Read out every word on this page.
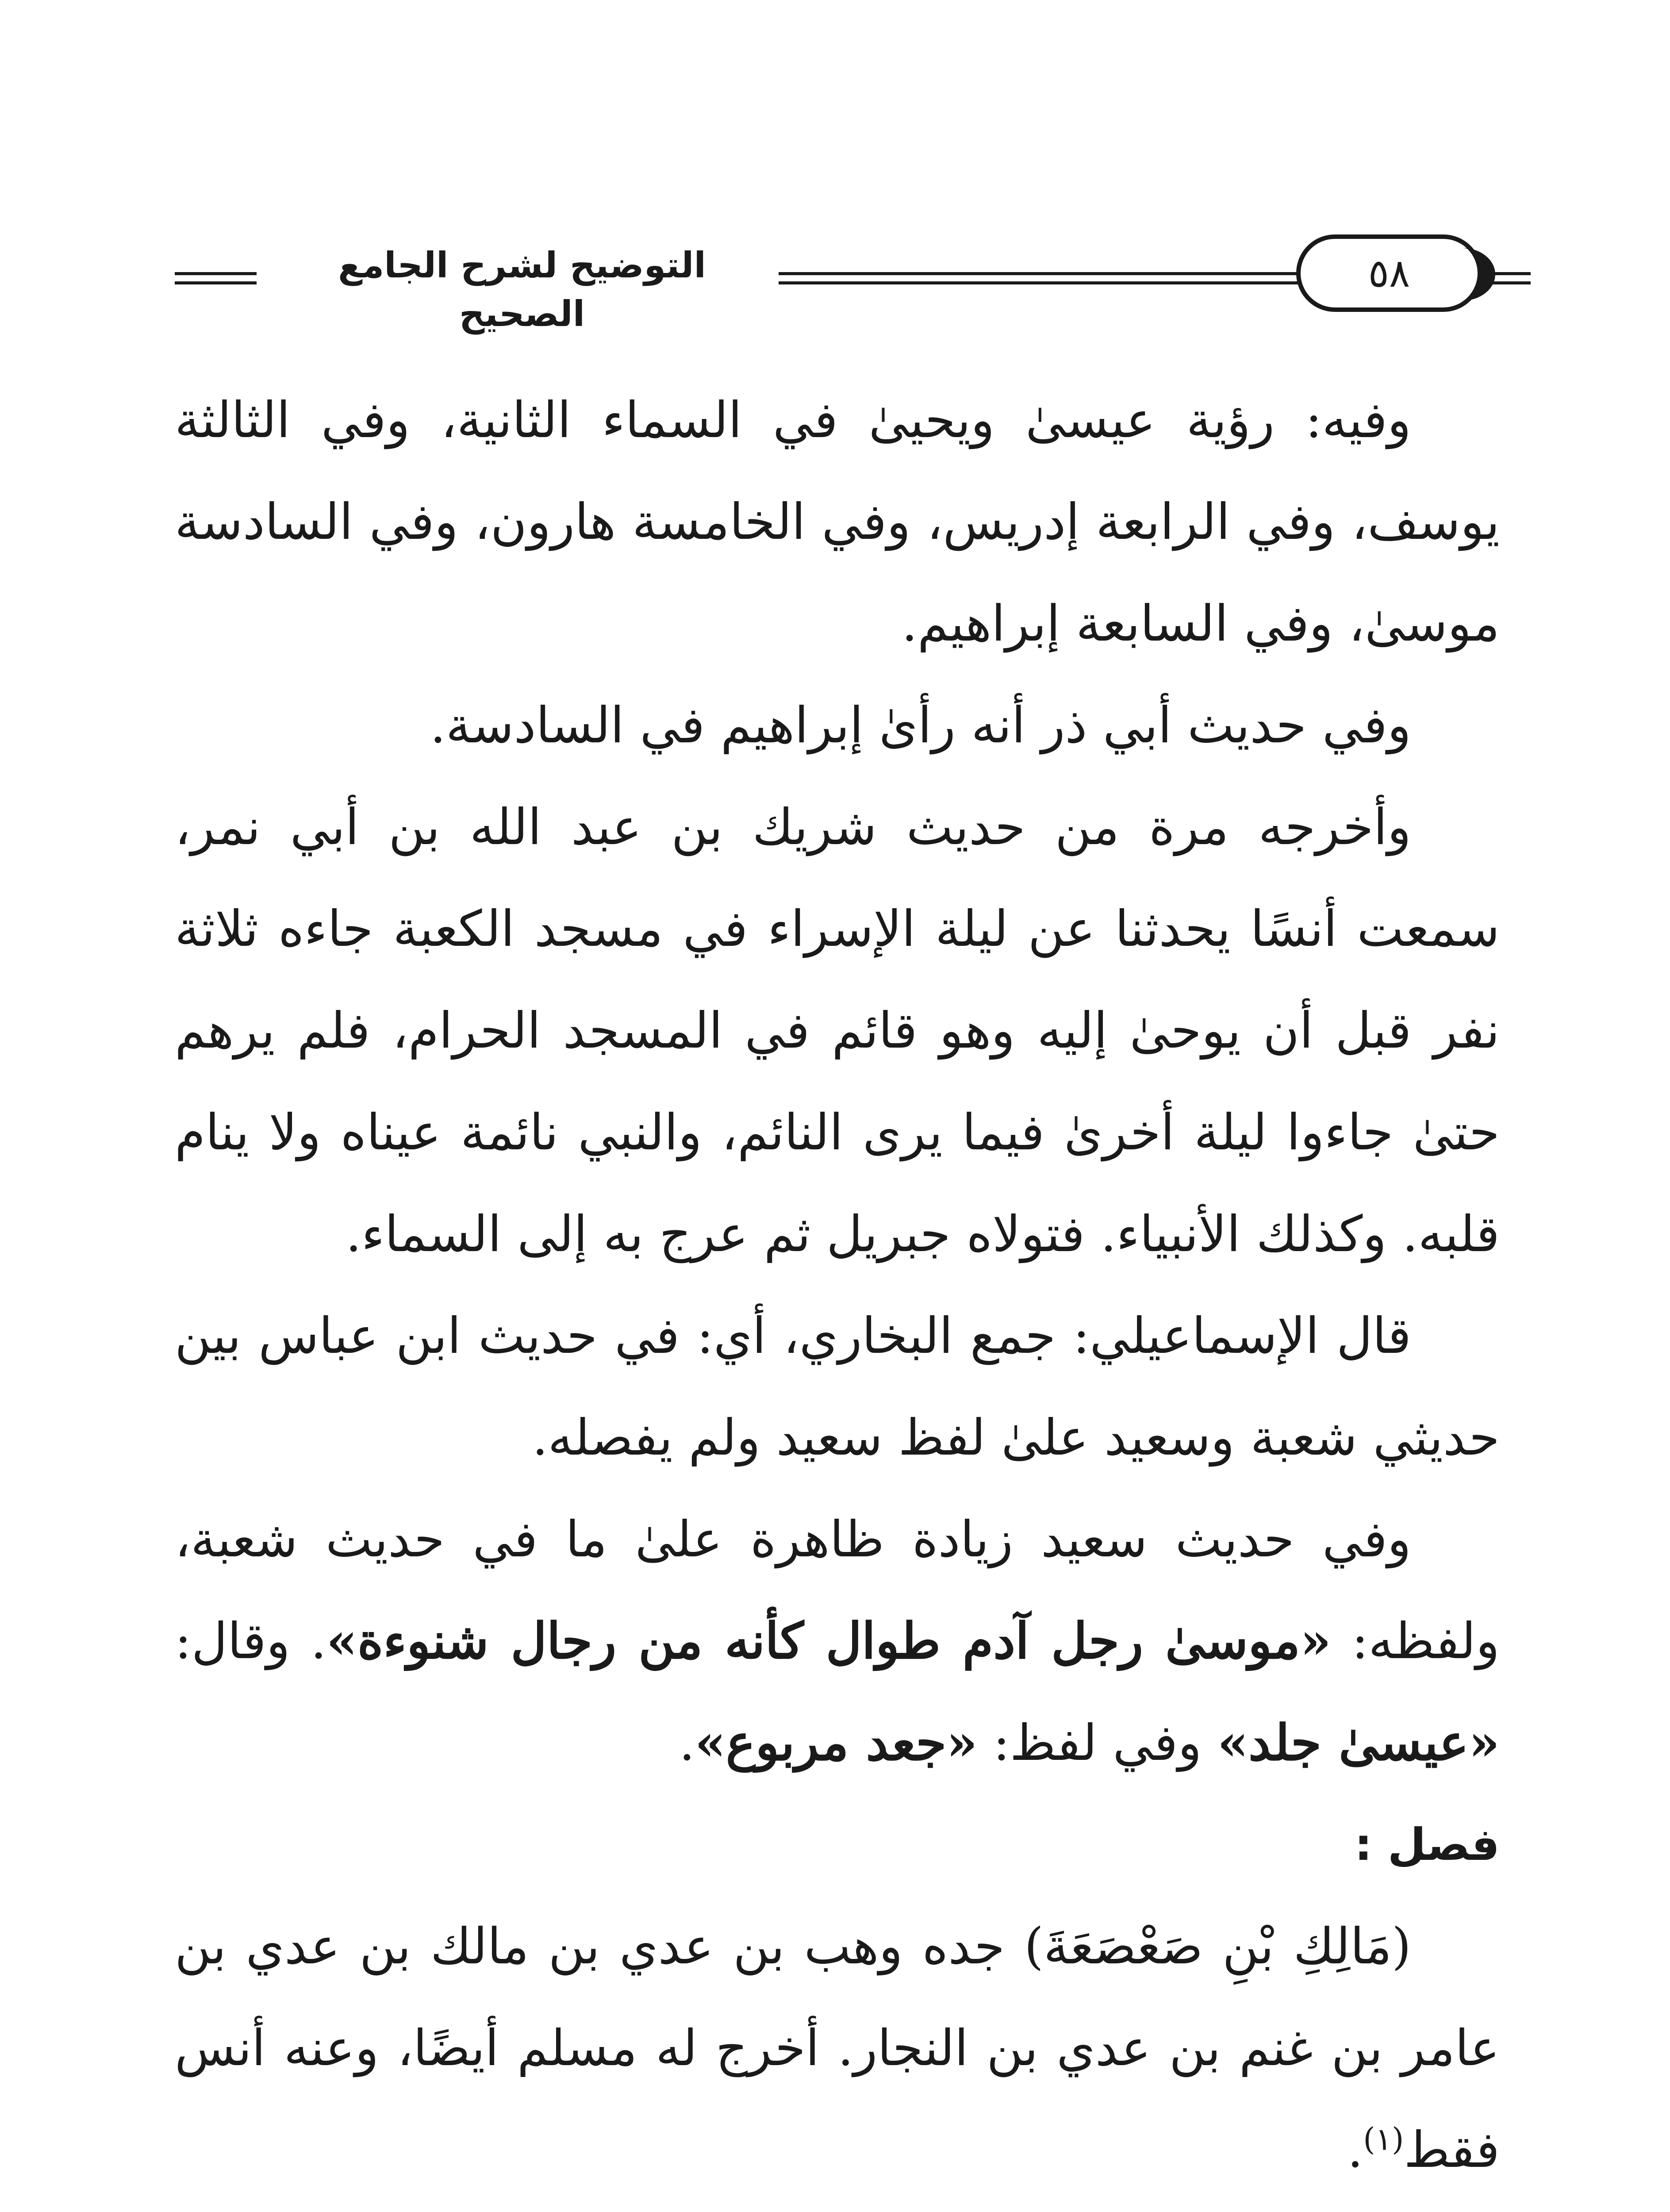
التوضيح لشرح الجامع الصحيح
٥٨

وفيه: رؤية عيسىٰ ويحيىٰ في السماء الثانية، وفي الثالثة يوسف، وفي الرابعة إدريس، وفي الخامسة هارون، وفي السادسة موسىٰ، وفي السابعة إبراهيم.

وفي حديث أبي ذر أنه رأىٰ إبراهيم في السادسة.

وأخرجه مرة من حديث شريك بن عبد الله بن أبي نمر، سمعت أنسًا يحدثنا عن ليلة الإسراء في مسجد الكعبة جاءه ثلاثة نفر قبل أن يوحىٰ إليه وهو قائم في المسجد الحرام، فلم يرهم حتىٰ جاءوا ليلة أخرىٰ فيما يرى النائم، والنبي نائمة عيناه ولا ينام قلبه. وكذلك الأنبياء. فتولاه جبريل ثم عرج به إلى السماء.

قال الإسماعيلي: جمع البخاري، أي: في حديث ابن عباس بين حديثي شعبة وسعيد علىٰ لفظ سعيد ولم يفصله.

وفي حديث سعيد زيادة ظاهرة علىٰ ما في حديث شعبة، ولفظه: «موسىٰ رجل آدم طوال كأنه من رجال شنوءة». وقال: «عيسىٰ جلد» وفي لفظ: «جعد مربوع».

فصل :

(مَالِكِ بْنِ صَعْصَعَةَ) جده وهب بن عدي بن مالك بن عدي بن عامر بن غنم بن عدي بن النجار. أخرج له مسلم أيضًا، وعنه أنس فقط$^{(١)}$.
